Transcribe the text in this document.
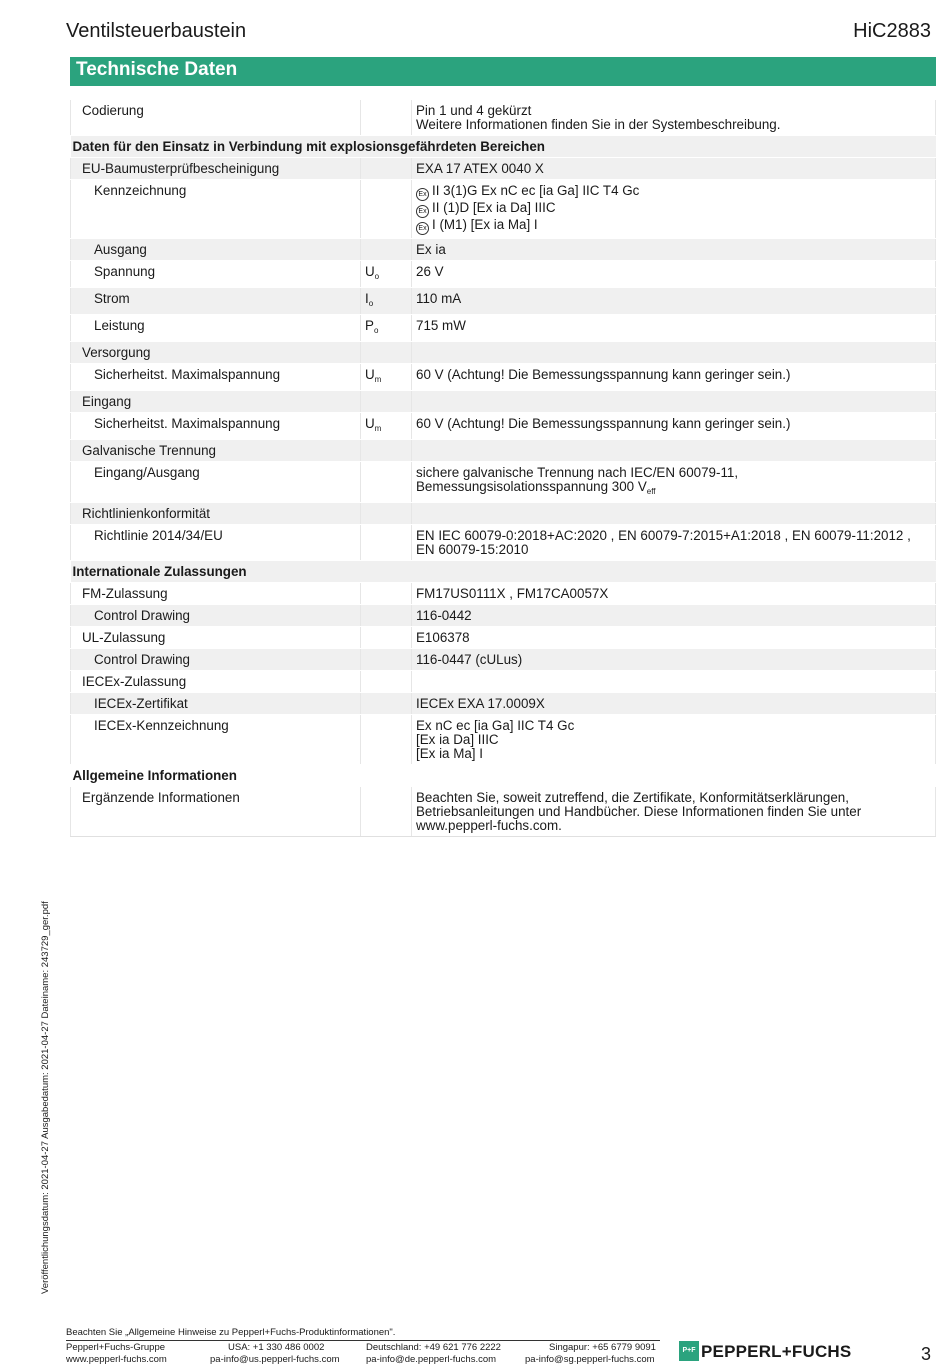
Ventilsteuerbaustein	HiC2883
Technische Daten
Codierung		Pin 1 und 4 gekürzt
Weitere Informationen finden Sie in der Systembeschreibung.

Daten für den Einsatz in Verbindung mit explosionsgefährdeten Bereichen		
EU-Baumusterprüfbescheinigung		EXA 17 ATEX 0040 X
Kennzeichnung		Ex II 3(1)G Ex nC ec [ia Ga] IIC T4 Gc
Ex II (1)D [Ex ia Da] IIIC
Ex I (M1) [Ex ia Ma] I

Ausgang		Ex ia
Spannung	$U_o$	26 V
Strom	$I_o$	110 mA
Leistung	$P_o$	715 mW
Versorgung		
Sicherheitst. Maximalspannung	$U_m$	60 V (Achtung! Die Bemessungsspannung kann geringer sein.)
Eingang		
Sicherheitst. Maximalspannung	$U_m$	60 V (Achtung! Die Bemessungsspannung kann geringer sein.)
Galvanische Trennung		
Eingang/Ausgang		sichere galvanische Trennung nach IEC/EN 60079-11,
Bemessungsisolationsspannung 300 $V_{eff}$

Richtlinienkonformität		
Richtlinie 2014/34/EU		EN IEC 60079-0:2018+AC:2020 , EN 60079-7:2015+A1:2018 , EN 60079-11:2012 ,
EN 60079-15:2010

Internationale Zulassungen		
FM-Zulassung		FM17US0111X , FM17CA0057X
Control Drawing		116-0442
UL-Zulassung		E106378
Control Drawing		116-0447 (cULus)
IECEx-Zulassung		
IECEx-Zertifikat		IECEx EXA 17.0009X
IECEx-Kennzeichnung		Ex nC ec [ia Ga] IIC T4 Gc
[Ex ia Da] IIIC
[Ex ia Ma] I

Allgemeine Informationen		
Ergänzende Informationen		Beachten Sie, soweit zutreffend, die Zertifikate, Konformitätserklärungen,
Betriebsanleitungen und Handbücher. Diese Informationen finden Sie unter
www.pepperl-fuchs.com.
Veröffentlichungsdatum: 2021-04-27 Ausgabedatum: 2021-04-27 Dateiname: 243729_ger.pdf
Beachten Sie „Allgemeine Hinweise zu Pepperl+Fuchs-Produktinformationen".
Pepperl+Fuchs-Gruppe
www.pepperl-fuchs.com
USA: +1 330 486 0002
pa-info@us.pepperl-fuchs.com
Deutschland: +49 621 776 2222
pa-info@de.pepperl-fuchs.com
Singapur: +65 6779 9091
pa-info@sg.pepperl-fuchs.com
P+F PEPPERL+FUCHS	3
